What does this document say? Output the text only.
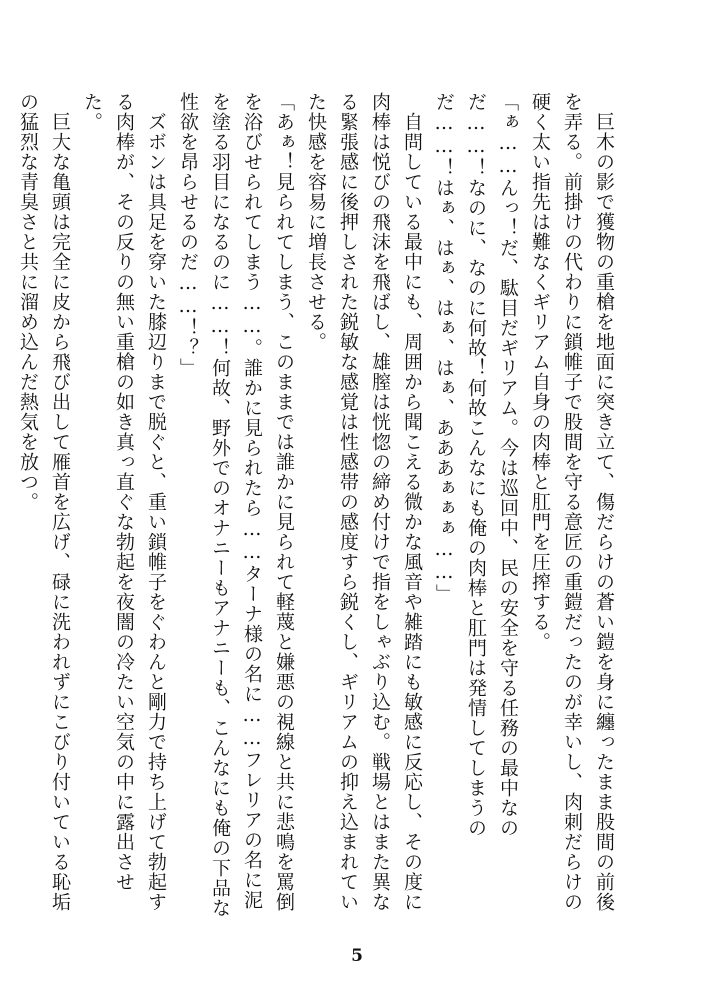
　巨木の影で獲物の重槍を地面に突き立て、傷だらけの蒼い鎧を身に纏ったまま股間の前後を弄る。前掛けの代わりに鎖帷子で股間を守る意匠の重鎧だったのが幸いし、肉刺だらけの硬く太い指先は難なくギリアム自身の肉棒と肛門を圧搾する。

「ぁ……んっ！だ、駄目だギリアム。今は巡回中、民の安全を守る任務の最中なのだ……！なのに、なのに何故！何故こんなにも俺の肉棒と肛門は発情してしまうのだ……！はぁ、はぁ、はぁ、はぁ、あああぁぁぁ……」

　自問している最中にも、周囲から聞こえる微かな風音や雑踏にも敏感に反応し、その度に肉棒は悦びの飛沫を飛ばし、雄膣は恍惚の締め付けで指をしゃぶり込む。戦場とはまた異なる緊張感に後押しされた鋭敏な感覚は性感帯の感度すら鋭くし、ギリアムの抑え込まれていた快感を容易に増長させる。

「あぁ！見られてしまう、このままでは誰かに見られて軽蔑と嫌悪の視線と共に悲鳴を罵倒を浴びせられてしまう……。誰かに見られたら……ターナ様の名に……フレリアの名に泥を塗る羽目になるのに……！何故、野外でのオナニーもアナニーも、こんなにも俺の下品な性欲を昂らせるのだ……！？」

　ズボンは具足を穿いた膝辺りまで脱ぐと、重い鎖帷子をぐわんと剛力で持ち上げて勃起する肉棒が、その反りの無い重槍の如き真っ直ぐな勃起を夜闇の冷たい空気の中に露出させた。

　巨大な亀頭は完全に皮から飛び出して雁首を広げ、碌に洗われずにこびり付いている恥垢の猛烈な青臭さと共に溜め込んだ熱気を放つ。

5
